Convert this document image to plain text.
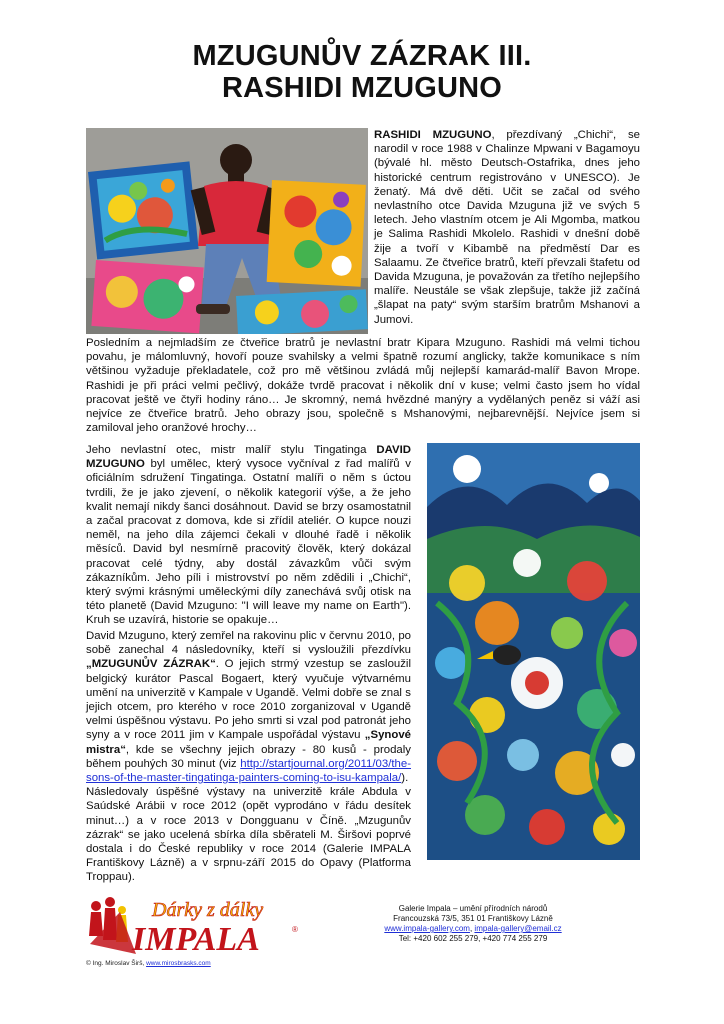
MZUGUNŮV ZÁZRAK III.
RASHIDI MZUGUNO
RASHIDI MZUGUNO, přezdívaný „Chichi“, se narodil v roce 1988 v Chalinze Mpwani v Bagamoyu (bývalé hl. město Deutsch-Ostafrika, dnes jeho historické centrum registrováno v UNESCO). Je ženatý. Má dvě děti. Učit se začal od svého nevlastního otce Davida Mzuguna již ve svých 5 letech. Jeho vlastním otcem je Ali Mgomba, matkou je Salima Rashidi Mkolelo. Rashidi v dnešní době žije a tvoří v Kibambě na předměstí Dar es Salaamu. Ze čtveřice bratrů, kteří převzali štafetu od Davida Mzuguna, je považován za třetího nejlepšího malíře. Neustále se však zlepšuje, takže již začíná „šlapat na paty“ svým starším bratrům Mshanovi a Jumovi.
Posledním a nejmladším ze čtveřice bratrů je nevlastní bratr Kipara Mzuguno. Rashidi má velmi tichou povahu, je málomluvný, hovoří pouze svahilsky a velmi špatně rozumí anglicky, takže komunikace s ním většinou vyžaduje překladatele, což pro mě většinou zvládá můj nejlepší kamarád-malíř Bavon Mrope. Rashidi je při práci velmi pečlivý, dokáže tvrdě pracovat i několik dní v kuse; velmi často jsem ho vídal pracovat ještě ve čtyři hodiny ráno… Je skromný, nemá hvězdné manýry a vydělaných peněz si váží asi nejvíce ze čtveřice bratrů. Jeho obrazy jsou, společně s Mshanovými, nejbarevnější. Nejvíce jsem si zamiloval jeho oranžové hrochy…
Jeho nevlastní otec, mistr malíř stylu Tingatinga DAVID MZUGUNO byl umělec, který vysoce vyčníval z řad malířů v oficiálním sdružení Tingatinga. Ostatní malíři o něm s úctou tvrdili, že je jako zjevení, o několik kategorií výše, a že jeho kvalit nemají nikdy šanci dosáhnout. David se brzy osamostatnil a začal pracovat z domova, kde si zřídil ateliér. O kupce nouzi neměl, na jeho díla zájemci čekali v dlouhé řadě i několik měsíců. David byl nesmírně pracovitý člověk, který dokázal pracovat celé týdny, aby dostál závazkům vůči svým zákazníkům. Jeho píli i mistrovství po něm zdědili i „Chichi“, který svými krásnými uměleckými díly zanechává svůj otisk na této planetě (David Mzuguno: "I will leave my name on Earth"). Kruh se uzavírá, historie se opakuje…
David Mzuguno, který zemřel na rakovinu plic v červnu 2010, po sobě zanechal 4 následovníky, kteří si vysloužili přezdívku „MZUGUNŮV ZÁZRAK“. O jejich strmý vzestup se zasloužil belgický kurátor Pascal Bogaert, který vyučuje výtvarnému umění na univerzitě v Kampale v Ugandě. Velmi dobře se znal s jejich otcem, pro kterého v roce 2010 zorganizoval v Ugandě velmi úspěšnou výstavu. Po jeho smrti si vzal pod patronát jeho syny a v roce 2011 jim v Kampale uspořádal výstavu „Synové mistra“, kde se všechny jejich obrazy - 80 kusů - prodaly během pouhých 30 minut (viz http://startjournal.org/2011/03/the-sons-of-the-master-tingatinga-painters-coming-to-isu-kampala/). Následovaly úspěšné výstavy na univerzitě krále Abdula v Saúdské Arábii v roce 2012 (opět vyprodáno v řádu desítek minut…) a v roce 2013 v Dongguanu v Číně. „Mzugunův zázrak“ se jako ucelená sbírka díla sběrateli M. Širšovi poprvé dostala i do České republiky v roce 2014 (Galerie IMPALA Františkovy Lázně) a v srpnu-září 2015 do Opavy (Platforma Troppau).
Dárky z dálky
IMPALA	®
© Ing. Miroslav Širš, www.mirosbrasks.com
Galerie Impala – umění přírodních národů
Francouzská 73/5, 351 01 Františkovy Lázně
www.impala-gallery.com, impala-gallery@email.cz
Tel: +420 602 255 279, +420 774 255 279
